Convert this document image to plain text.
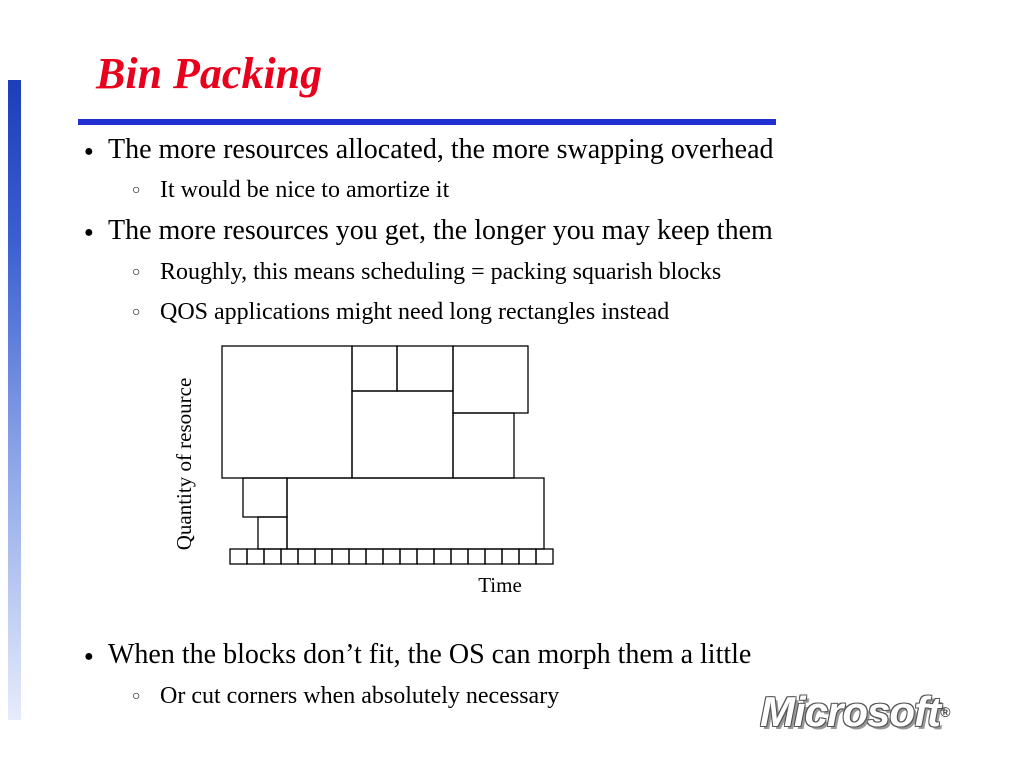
Bin Packing
● The more resources allocated, the more swapping overhead
○ It would be nice to amortize it
● The more resources you get, the longer you may keep them
○ Roughly, this means scheduling = packing squarish blocks
○ QOS applications might need long rectangles instead
Quantity of resource
Time
● When the blocks don’t fit, the OS can morph them a little
○ Or cut corners when absolutely necessary	Microsoft®
